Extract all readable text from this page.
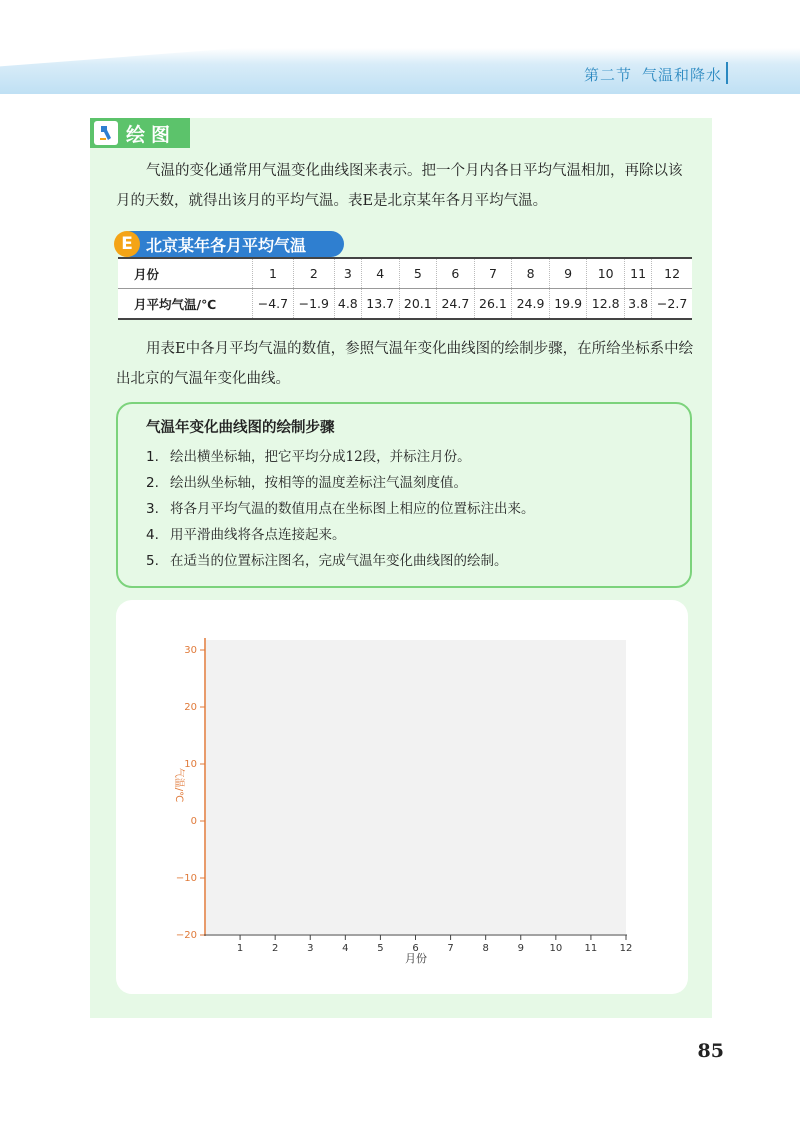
第二节 气温和降水
绘图
气温的变化通常用气温变化曲线图来表示。把一个月内各日平均气温相加，再除以该月的天数，就得出该月的平均气温。表E是北京某年各月平均气温。
E 北京某年各月平均气温
月份	1	2	3	4	5	6	7	8	9	10	11	12
月平均气温/℃	−4.7	−1.9	4.8	13.7	20.1	24.7	26.1	24.9	19.9	12.8	3.8	−2.7
用表E中各月平均气温的数值，参照气温年变化曲线图的绘制步骤，在所给坐标系中绘出北京的气温年变化曲线。
气温年变化曲线图的绘制步骤
1. 绘出横坐标轴，把它平均分成12段，并标注月份。
2. 绘出纵坐标轴，按相等的温度差标注气温刻度值。
3. 将各月平均气温的数值用点在坐标图上相应的位置标注出来。
4. 用平滑曲线将各点连接起来。
5. 在适当的位置标注图名，完成气温年变化曲线图的绘制。
30
20
10
0
−10
−20
1	2	3	4	5	6	7	8	9	10 11 12
气温/℃
月份
85
